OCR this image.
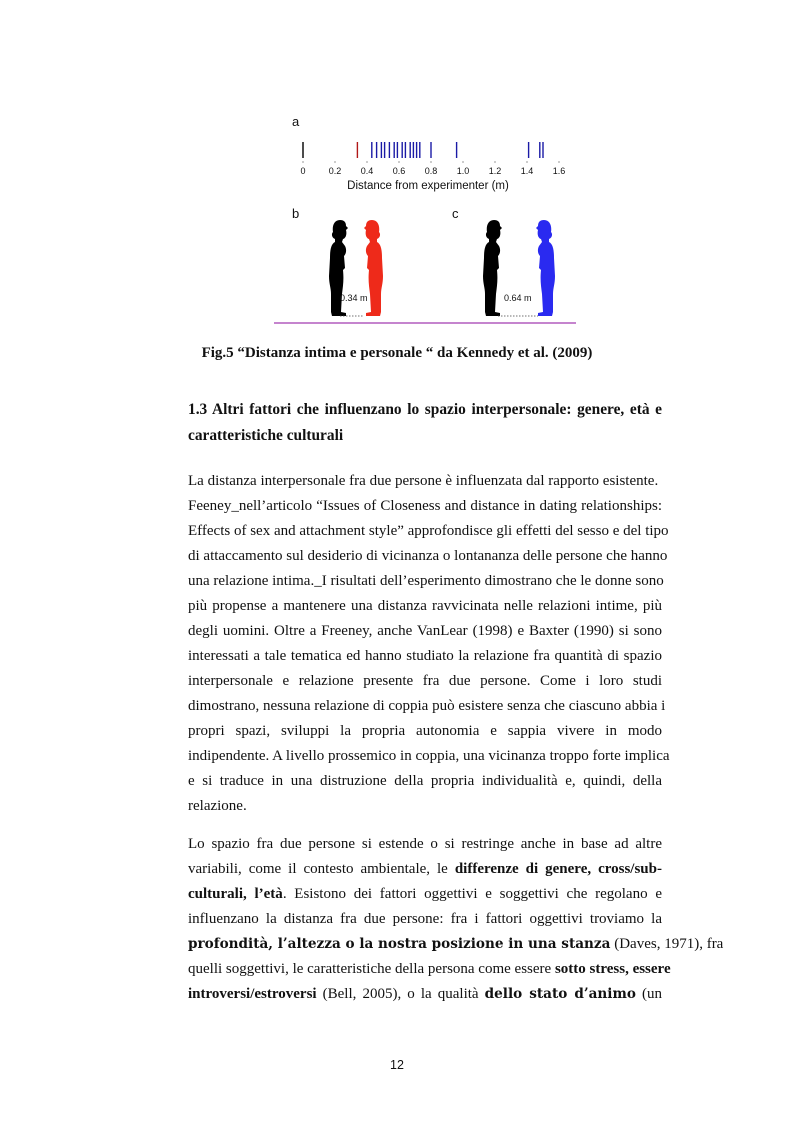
a
0	0.2 0.4 0.6 0.8 1.0 1.2 1.4 1.6
Distance from experimenter (m)
b	c
0.34 m	0.64 m
Fig.5 “Distanza intima e personale “ da Kennedy et al. (2009)
1.3 Altri fattori che influenzano lo spazio interpersonale: genere, età e
caratteristiche culturali
La distanza interpersonale fra due persone è influenzata dal rapporto esistente.
Feeney_nell’articolo “Issues of Closeness and distance in dating relationships:
Effects of sex and attachment style” approfondisce gli effetti del sesso e del tipo
di attaccamento sul desiderio di vicinanza o lontananza delle persone che hanno
una relazione intima._I risultati dell’esperimento dimostrano che le donne sono
più propense a mantenere una distanza ravvicinata nelle relazioni intime, più
degli uomini. Oltre a Freeney, anche VanLear (1998) e Baxter (1990) si sono
interessati a tale tematica ed hanno studiato la relazione fra quantità di spazio
interpersonale e relazione presente fra due persone. Come i loro studi
dimostrano, nessuna relazione di coppia può esistere senza che ciascuno abbia i
propri spazi, sviluppi la propria autonomia e sappia vivere in modo
indipendente. A livello prossemico in coppia, una vicinanza troppo forte implica
e si traduce in una distruzione della propria individualità e, quindi, della
relazione.
Lo spazio fra due persone si estende o si restringe anche in base ad altre
variabili, come il contesto ambientale, le differenze di genere, cross/sub-
culturali, l’età. Esistono dei fattori oggettivi e soggettivi che regolano e
influenzano la distanza fra due persone: fra i fattori oggettivi troviamo la
profondità, l’altezza o la nostra posizione in una stanza (Daves, 1971), fra
quelli soggettivi, le caratteristiche della persona come essere sotto stress, essere
introversi/estroversi (Bell, 2005), o la qualità dello stato d’animo (un
12
